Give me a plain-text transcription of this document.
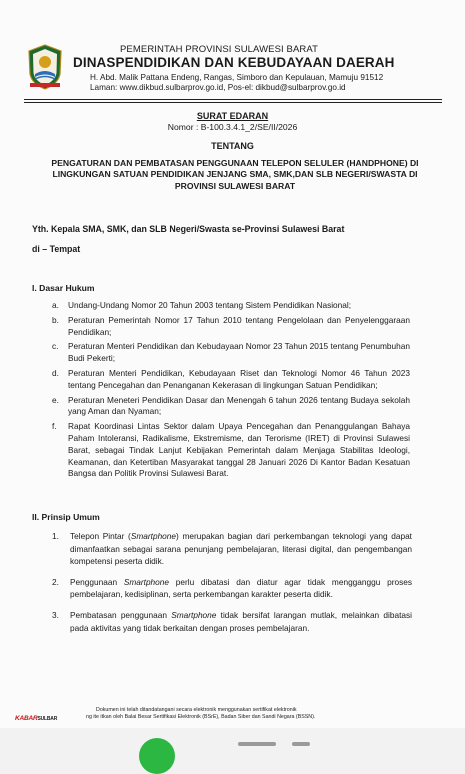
PEMERINTAH PROVINSI SULAWESI BARAT
DINASPENDIDIKAN DAN KEBUDAYAAN DAERAH
H. Abd. Malik Pattana Endeng, Rangas, Simboro dan Kepulauan, Mamuju 91512
Laman: www.dikbud.sulbarprov.go.id, Pos-el: dikbud@sulbarprov.go.id
SURAT EDARAN
Nomor : B-100.3.4.1_2/SE/II/2026
TENTANG
PENGATURAN DAN PEMBATASAN PENGGUNAAN TELEPON SELULER (HANDPHONE) DI LINGKUNGAN SATUAN PENDIDIKAN JENJANG SMA, SMK,DAN SLB NEGERI/SWASTA DI PROVINSI SULAWESI BARAT
Yth. Kepala SMA, SMK, dan SLB Negeri/Swasta se-Provinsi Sulawesi Barat
di – Tempat
I. Dasar Hukum
a. Undang-Undang Nomor 20 Tahun 2003 tentang Sistem Pendidikan Nasional;
b. Peraturan Pemerintah Nomor 17 Tahun 2010 tentang Pengelolaan dan Penyelenggaraan Pendidikan;
c. Peraturan Menteri Pendidikan dan Kebudayaan Nomor 23 Tahun 2015 tentang Penumbuhan Budi Pekerti;
d. Peraturan Menteri Pendidikan, Kebudayaan Riset dan Teknologi Nomor 46 Tahun 2023 tentang Pencegahan dan Penanganan Kekerasan di lingkungan Satuan Pendidikan;
e. Peraturan Meneteri Pendidikan Dasar dan Menengah 6 tahun 2026 tentang Budaya sekolah yang Aman dan Nyaman;
f. Rapat Koordinasi Lintas Sektor dalam Upaya Pencegahan dan Penanggulangan Bahaya Paham Intoleransi, Radikalisme, Ekstremisme, dan Terorisme (IRET) di Provinsi Sulawesi Barat, sebagai Tindak Lanjut Kebijakan Pemerintah dalam Menjaga Stabilitas Ideologi, Keamanan, dan Ketertiban Masyarakat tanggal 28 Januari 2026 Di Kantor Badan Kesatuan Bangsa dan Politik Provinsi Sulawesi Barat.
II. Prinsip Umum
1. Telepon Pintar (Smartphone) merupakan bagian dari perkembangan teknologi yang dapat dimanfaatkan sebagai sarana penunjang pembelajaran, literasi digital, dan pengembangan kompetensi peserta didik.
2. Penggunaan Smartphone perlu dibatasi dan diatur agar tidak mengganggu proses pembelajaran, kedisiplinan, serta perkembangan karakter peserta didik.
3. Pembatasan penggunaan Smartphone tidak bersifat larangan mutlak, melainkan dibatasi pada aktivitas yang tidak berkaitan dengan proses pembelajaran.
Dokumen ini telah ditandatangani secara elektronik menggunakan sertifikat elektronik
ng ite itkan oleh Balai Besar Sertifikasi Elektronik (BSrE), Badan Siber dan Sandi Negara (BSSN).
KABARSULBAR
